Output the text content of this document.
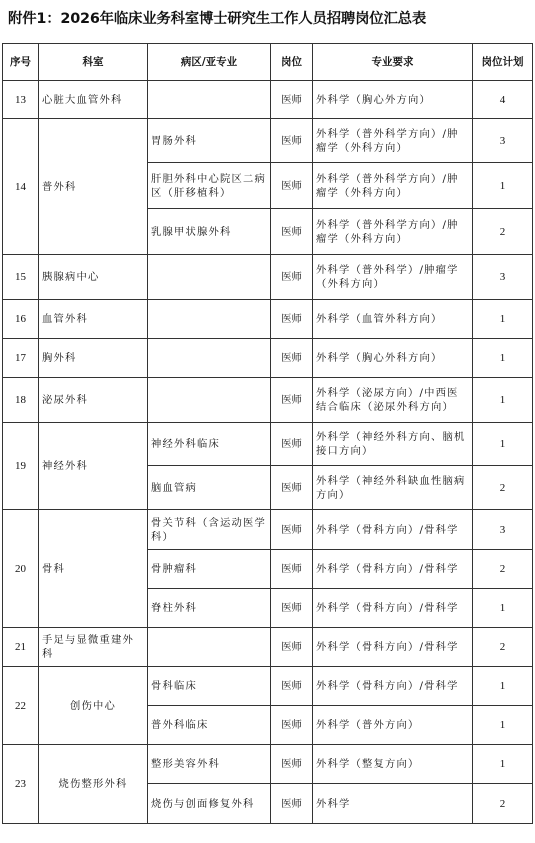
附件1：2026年临床业务科室博士研究生工作人员招聘岗位汇总表
序号	科室	病区/亚专业	岗位	专业要求	岗位计划
13	心脏大血管外科		医师	外科学（胸心外方向）	4
14	普外科	胃肠外科	医师	外科学（普外科学方向）/肿瘤学（外科方向）	3
		肝胆外科中心院区二病区（肝移植科）	医师	外科学（普外科学方向）/肿瘤学（外科方向）	1
		乳腺甲状腺外科	医师	外科学（普外科学方向）/肿瘤学（外科方向）	2
15	胰腺病中心		医师	外科学（普外科学）/肿瘤学（外科方向）	3
16	血管外科		医师	外科学（血管外科方向）	1
17	胸外科		医师	外科学（胸心外科方向）	1
18	泌尿外科		医师	外科学（泌尿方向）/中西医结合临床（泌尿外科方向）	1
19	神经外科	神经外科临床	医师	外科学（神经外科方向、脑机接口方向）	1
		脑血管病	医师	外科学（神经外科缺血性脑病方向）	2
20	骨科	骨关节科（含运动医学科）	医师	外科学（骨科方向）/骨科学	3
		骨肿瘤科	医师	外科学（骨科方向）/骨科学	2
		脊柱外科	医师	外科学（骨科方向）/骨科学	1
21	手足与显微重建外科		医师	外科学（骨科方向）/骨科学	2
22	创伤中心	骨科临床	医师	外科学（骨科方向）/骨科学	1
		普外科临床	医师	外科学（普外方向）	1
23	烧伤整形外科	整形美容外科	医师	外科学（整复方向）	1
		烧伤与创面修复外科	医师	外科学	2
